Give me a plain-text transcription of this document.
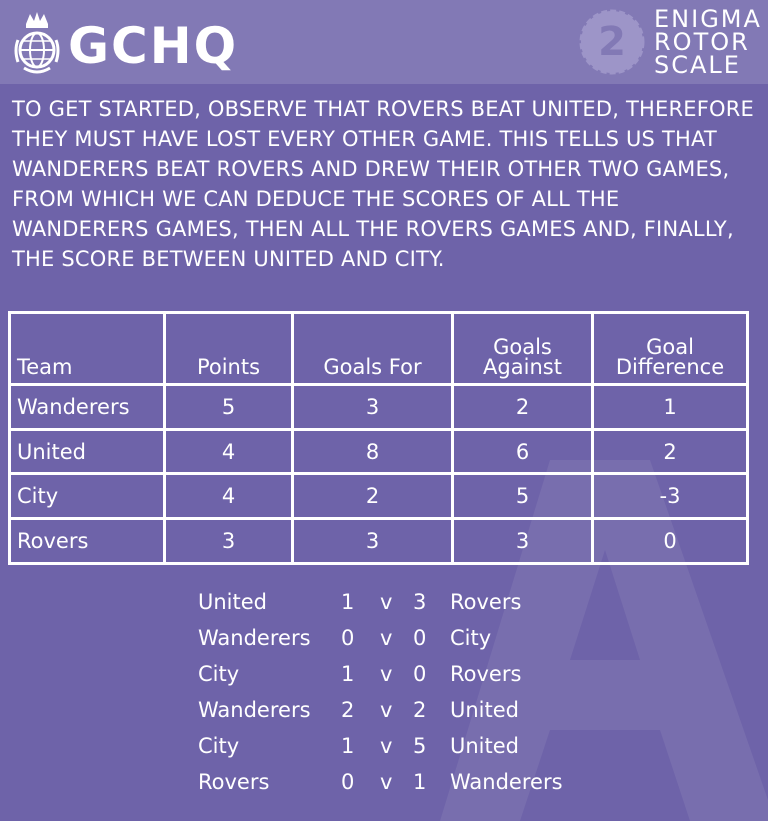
GCHQ	2	ENIGMA
ROTOR
SCALE
TO GET STARTED, OBSERVE THAT ROVERS BEAT UNITED, THEREFORE THEY MUST HAVE LOST EVERY OTHER GAME. THIS TELLS US THAT WANDERERS BEAT ROVERS AND DREW THEIR OTHER TWO GAMES, FROM WHICH WE CAN DEDUCE THE SCORES OF ALL THE WANDERERS GAMES, THEN ALL THE ROVERS GAMES AND, FINALLY, THE SCORE BETWEEN UNITED AND CITY.
Team	Points	Goals For	Goals Against	Goal Difference
Wanderers	5	3	2	1
United	4	8	6	2
City	4	2	5	-3
Rovers	3	3	3	0
United	1 v 3 Rovers
Wanderers 0 v 0 City
City	1 v 0 Rovers
Wanderers 2 v 2 United
City	1 v 5 United
Rovers	0 v 1 Wanderers
